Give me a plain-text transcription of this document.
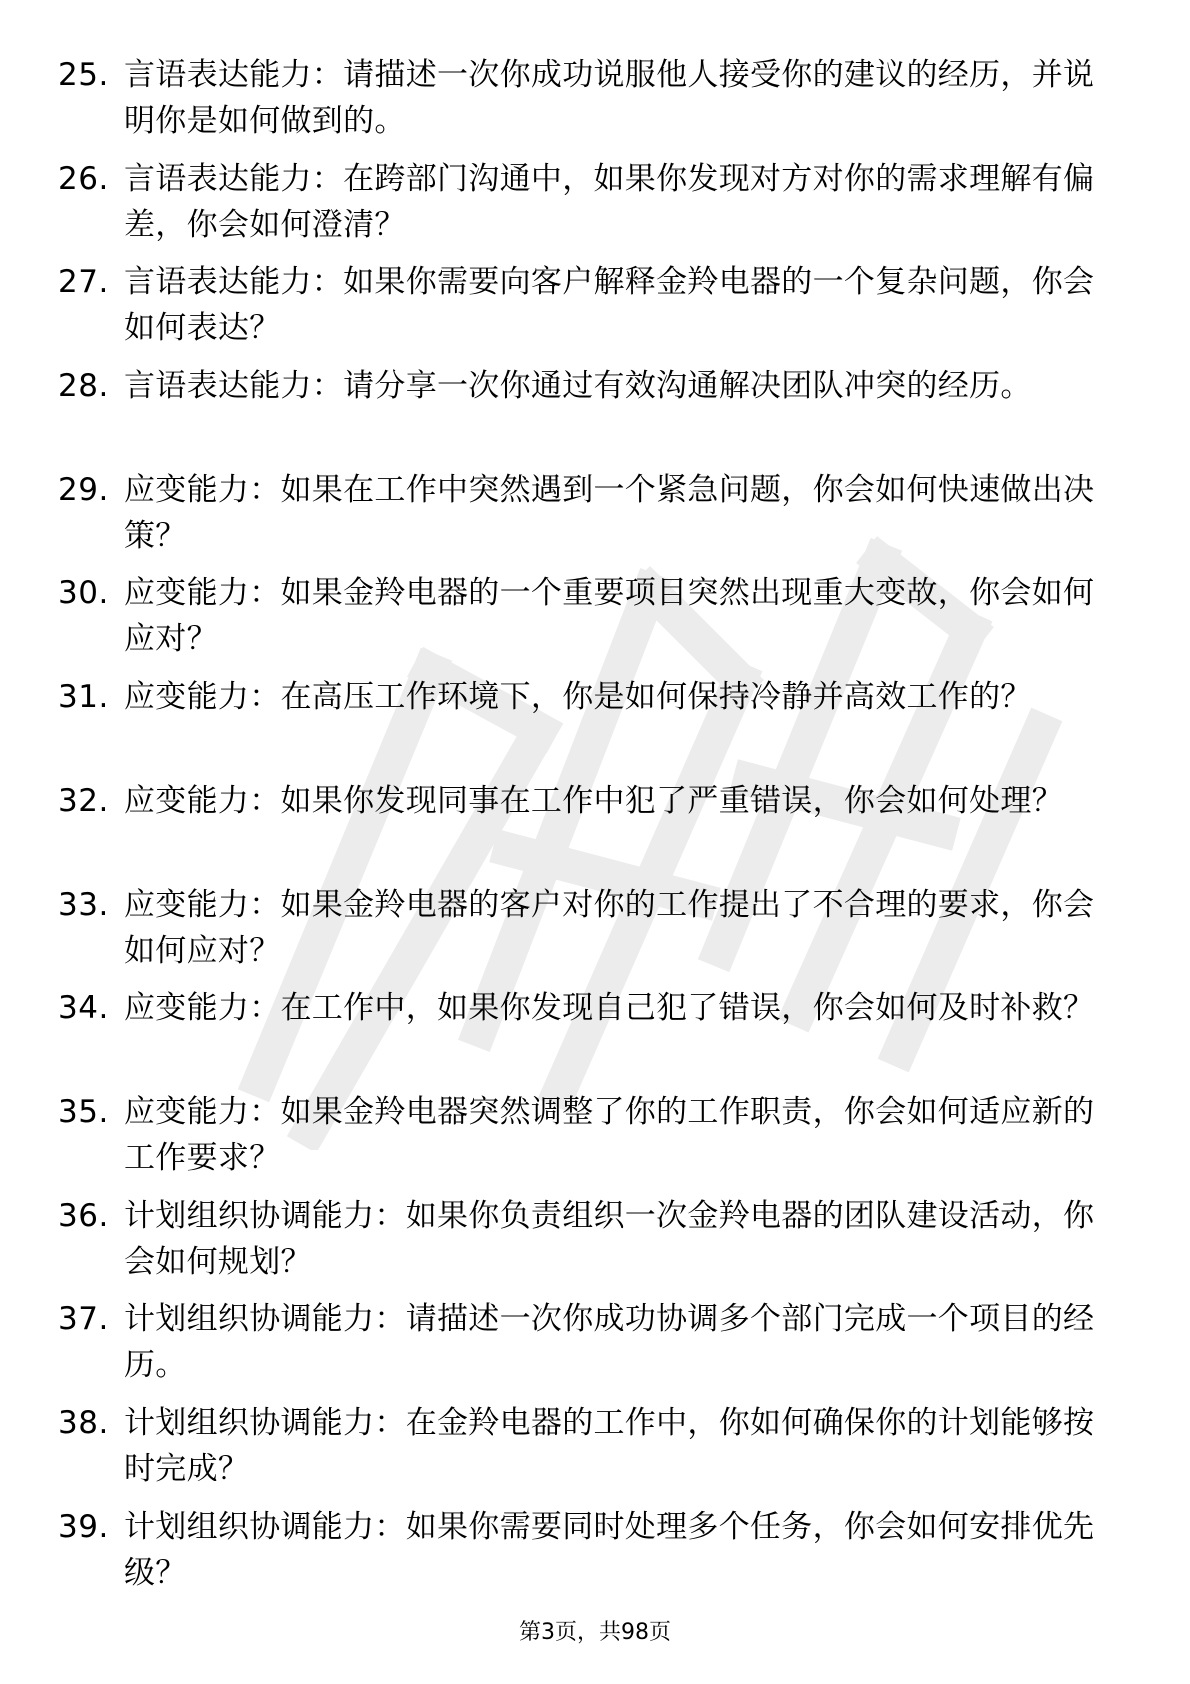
25. 言语表达能力：请描述一次你成功说服他人接受你的建议的经历，并说明你是如何做到的。
26. 言语表达能力：在跨部门沟通中，如果你发现对方对你的需求理解有偏差，你会如何澄清？
27. 言语表达能力：如果你需要向客户解释金羚电器的一个复杂问题，你会如何表达？
28. 言语表达能力：请分享一次你通过有效沟通解决团队冲突的经历。
29. 应变能力：如果在工作中突然遇到一个紧急问题，你会如何快速做出决策？
30. 应变能力：如果金羚电器的一个重要项目突然出现重大变故，你会如何应对？
31. 应变能力：在高压工作环境下，你是如何保持冷静并高效工作的？
32. 应变能力：如果你发现同事在工作中犯了严重错误，你会如何处理？
33. 应变能力：如果金羚电器的客户对你的工作提出了不合理的要求，你会如何应对？
34. 应变能力：在工作中，如果你发现自己犯了错误，你会如何及时补救？
35. 应变能力：如果金羚电器突然调整了你的工作职责，你会如何适应新的工作要求？
36. 计划组织协调能力：如果你负责组织一次金羚电器的团队建设活动，你会如何规划？
37. 计划组织协调能力：请描述一次你成功协调多个部门完成一个项目的经历。
38. 计划组织协调能力：在金羚电器的工作中，你如何确保你的计划能够按时完成？
39. 计划组织协调能力：如果你需要同时处理多个任务，你会如何安排优先级？
第3页，共98页
